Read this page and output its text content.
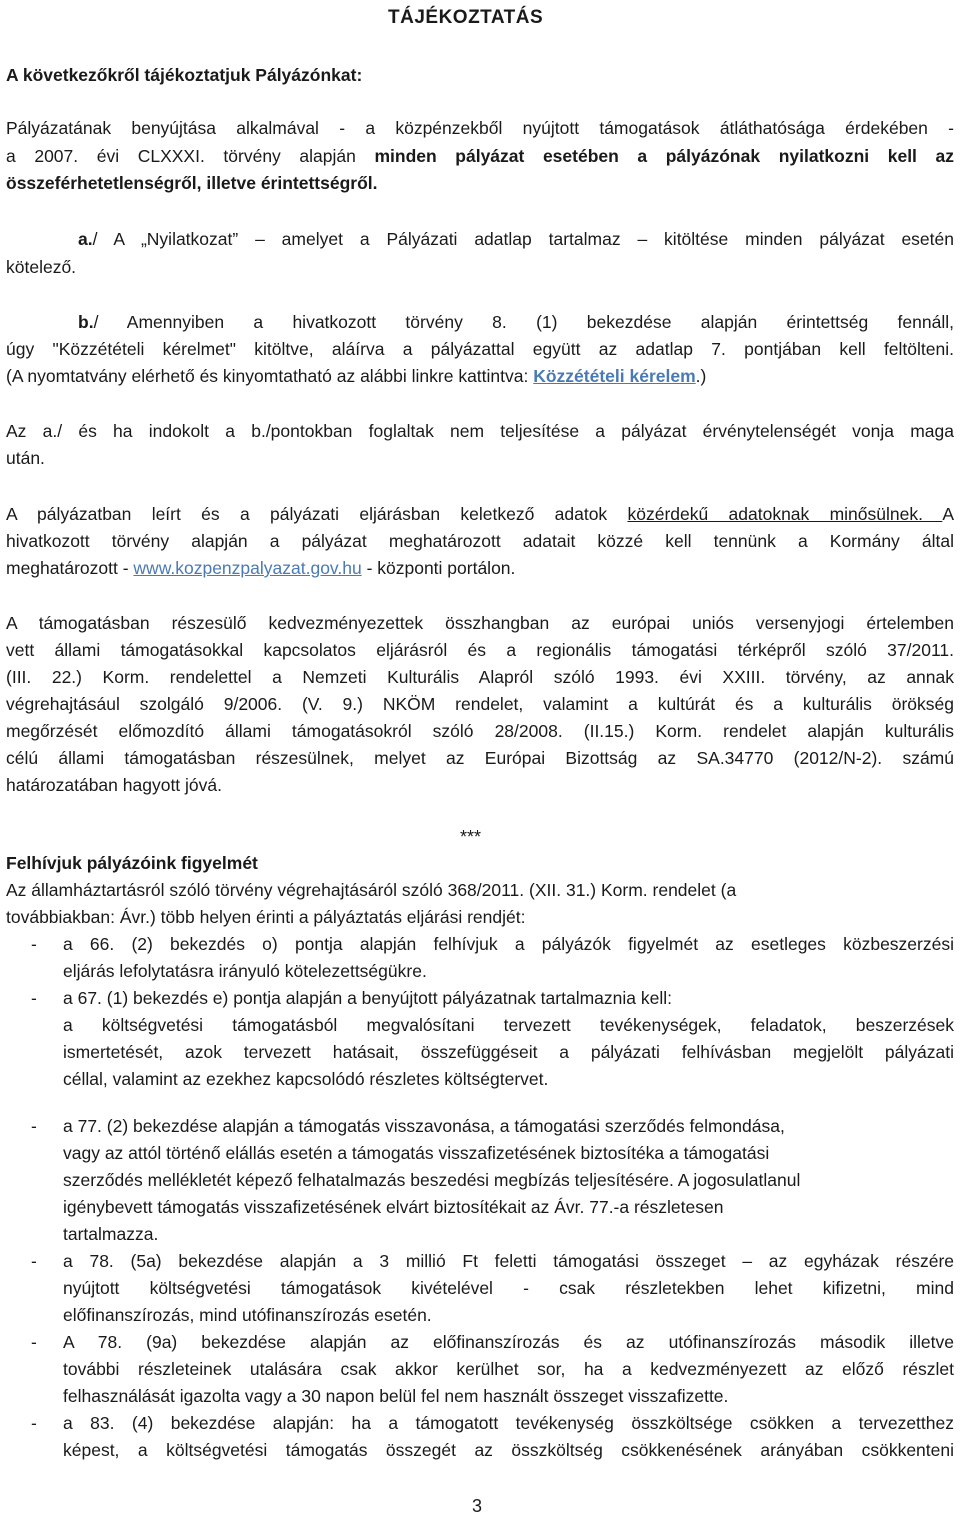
TÁJÉKOZTATÁS
A következőkről tájékoztatjuk Pályázónkat:
Pályázatának benyújtása alkalmával - a közpénzekből nyújtott támogatások átláthatósága érdekében -
a 2007. évi CLXXXI. törvény alapján minden pályázat esetében a pályázónak nyilatkozni kell az
összeférhetetlenségről, illetve érintettségről.
a./ A „Nyilatkozat” – amelyet a Pályázati adatlap tartalmaz – kitöltése minden pályázat esetén
kötelező.
b./ Amennyiben a hivatkozott törvény 8. (1) bekezdése alapján érintettség fennáll,
úgy "Közzétételi kérelmet" kitöltve, aláírva a pályázattal együtt az adatlap 7. pontjában kell feltölteni.
(A nyomtatvány elérhető és kinyomtatható az alábbi linkre kattintva: Közzétételi kérelem.)
Az a./ és ha indokolt a b./pontokban foglaltak nem teljesítése a pályázat érvénytelenségét vonja maga
után.
A pályázatban leírt és a pályázati eljárásban keletkező adatok közérdekű adatoknak minősülnek. A
hivatkozott törvény alapján a pályázat meghatározott adatait közzé kell tennünk a Kormány által
meghatározott - www.kozpenzpalyazat.gov.hu - központi portálon.
A támogatásban részesülő kedvezményezettek összhangban az európai uniós versenyjogi értelemben
vett állami támogatásokkal kapcsolatos eljárásról és a regionális támogatási térképről szóló 37/2011.
(III. 22.) Korm. rendelettel a Nemzeti Kulturális Alapról szóló 1993. évi XXIII. törvény, az annak
végrehajtásául szolgáló 9/2006. (V. 9.) NKÖM rendelet, valamint a kultúrát és a kulturális örökség
megőrzését előmozdító állami támogatásokról szóló 28/2008. (II.15.) Korm. rendelet alapján kulturális
célú állami támogatásban részesülnek, melyet az Európai Bizottság az SA.34770 (2012/N-2). számú
határozatában hagyott jóvá.
***
Felhívjuk pályázóink figyelmét
Az államháztartásról szóló törvény végrehajtásáról szóló 368/2011. (XII. 31.) Korm. rendelet (a
továbbiakban: Ávr.) több helyen érinti a pályáztatás eljárási rendjét:
- a 66. (2) bekezdés o) pontja alapján felhívjuk a pályázók figyelmét az esetleges közbeszerzési
eljárás lefolytatásra irányuló kötelezettségükre.
- a 67. (1) bekezdés e) pontja alapján a benyújtott pályázatnak tartalmaznia kell:
a költségvetési támogatásból megvalósítani tervezett tevékenységek, feladatok, beszerzések
ismertetését, azok tervezett hatásait, összefüggéseit a pályázati felhívásban megjelölt pályázati
céllal, valamint az ezekhez kapcsolódó részletes költségtervet.
- a 77. (2) bekezdése alapján a támogatás visszavonása, a támogatási szerződés felmondása,
vagy az attól történő elállás esetén a támogatás visszafizetésének biztosítéka a támogatási
szerződés mellékletét képező felhatalmazás beszedési megbízás teljesítésére. A jogosulatlanul
igénybevett támogatás visszafizetésének elvárt biztosítékait az Ávr. 77.-a részletesen
tartalmazza.
- a 78. (5a) bekezdése alapján a 3 millió Ft feletti támogatási összeget – az egyházak részére
nyújtott költségvetési támogatások kivételével - csak részletekben lehet kifizetni, mind
előfinanszírozás, mind utófinanszírozás esetén.
- A 78. (9a) bekezdése alapján az előfinanszírozás és az utófinanszírozás második illetve
további részleteinek utalására csak akkor kerülhet sor, ha a kedvezményezett az előző részlet
felhasználását igazolta vagy a 30 napon belül fel nem használt összeget visszafizette.
- a 83. (4) bekezdése alapján: ha a támogatott tevékenység összköltsége csökken a tervezetthez
képest, a költségvetési támogatás összegét az összköltség csökkenésének arányában csökkenteni
3
